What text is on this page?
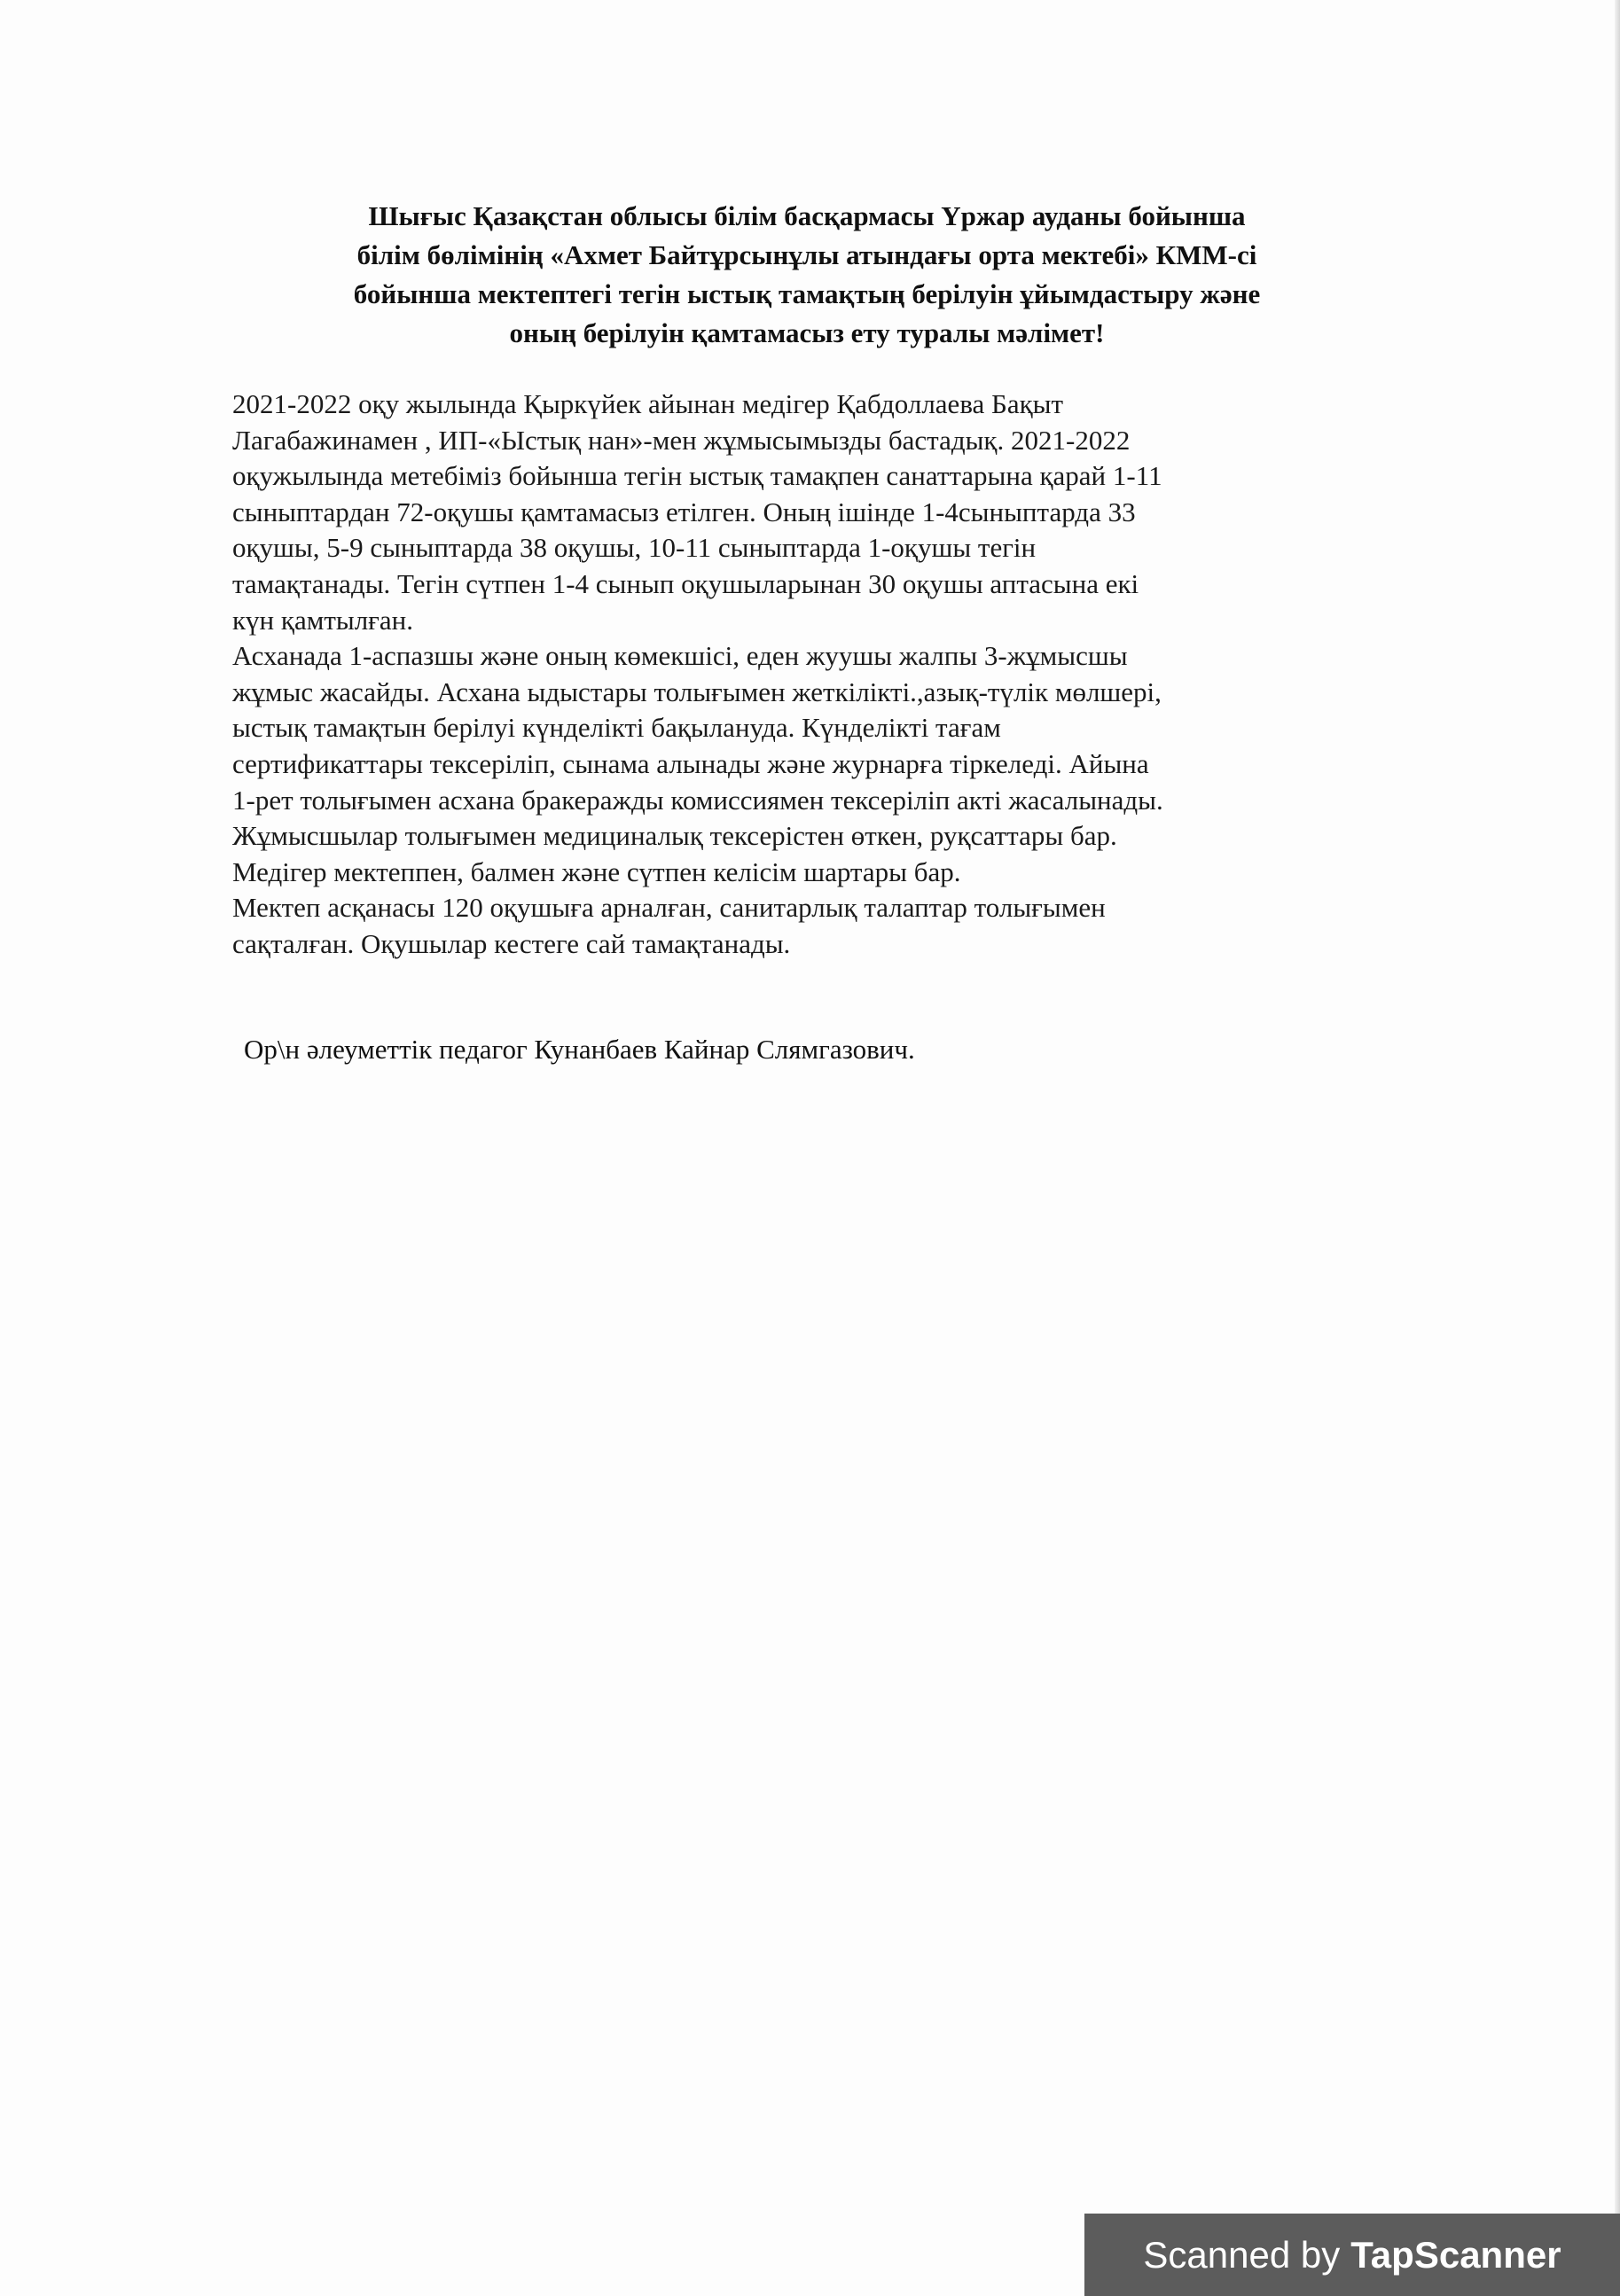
Шығыс Қазақстан облысы білім басқармасы Үржар ауданы бойынша
білім бөлімінің «Ахмет Байтұрсынұлы атындағы орта мектебі» КММ-сі
бойынша мектептегі тегін ыстық тамақтың берілуін ұйымдастыру және
оның берілуін қамтамасыз ету туралы мәлімет!
2021-2022 оқу жылында Қыркүйек айынан медігер Қабдоллаева Бақыт
Лагабажинамен , ИП-«Ыстық нан»-мен жұмысымызды бастадық. 2021-2022
оқужылында метебіміз бойынша тегін ыстық тамақпен санаттарына қарай 1-11
сыныптардан 72-оқушы қамтамасыз етілген. Оның ішінде 1-4сыныптарда 33
оқушы, 5-9 сыныптарда 38 оқушы, 10-11 сыныптарда 1-оқушы тегін
тамақтанады. Тегін сүтпен 1-4 сынып оқушыларынан 30 оқушы аптасына екі
күн қамтылған.
Асханада 1-аспазшы және оның көмекшісі, еден жуушы жалпы 3-жұмысшы
жұмыс жасайды. Асхана ыдыстары толығымен жеткілікті.,азық-түлік мөлшері,
ыстық тамақтын берілуі күнделікті бақылануда. Күнделікті тағам
сертификаттары тексеріліп, сынама алынады және журнарға тіркеледі. Айына
1-рет толығымен асхана бракеражды комиссиямен тексеріліп акті жасалынады.
Жұмысшылар толығымен медициналық тексерістен өткен, руқсаттары бар.
Медігер мектеппен, балмен және сүтпен келісім шартары бар.
Мектеп асқанасы 120 оқушыға арналған, санитарлық талаптар толығымен
сақталған. Оқушылар кестеге сай тамақтанады.
Ор\н әлеуметтік педагог Кунанбаев Кайнар Слямгазович.
Scanned by TapScanner
